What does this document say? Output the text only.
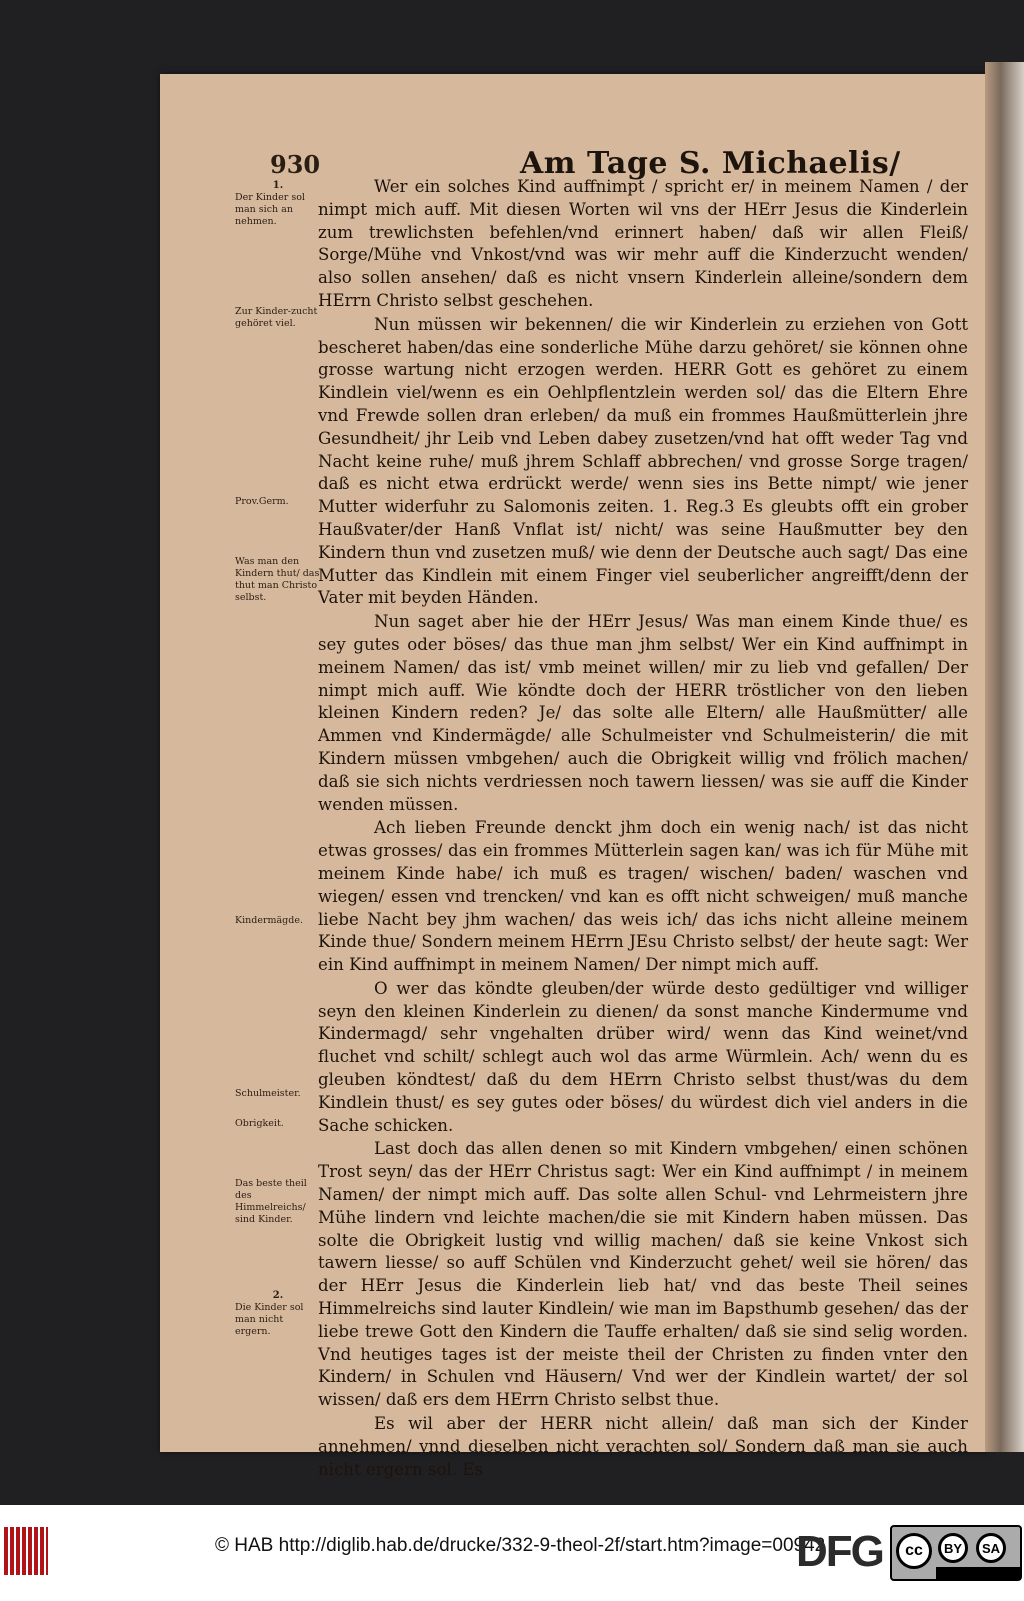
930	Am Tage S. Michaelis/
1.
Der Kinder sol man sich an nehmen.
Zur Kinder-zucht gehöret viel.
Prov.Germ.
Was man den Kindern thut/ das thut man Christo selbst.
Kindermägde.
Schulmeister.
Obrigkeit.
Das beste theil des Himmelreichs/ sind Kinder.
2.
Die Kinder sol man nicht ergern.

Wer ein solches Kind auffnimpt / spricht er/ in meinem Namen / der nimpt mich auff. Mit diesen Worten wil vns der HErr Jesus die Kinderlein zum trewlichsten befehlen/vnd erinnert haben/ daß wir allen Fleiß/ Sorge/Mühe vnd Vnkost/vnd was wir mehr auff die Kinderzucht wenden/ also sollen ansehen/ daß es nicht vnsern Kinderlein alleine/sondern dem HErrn Christo selbst geschehen.

Nun müssen wir bekennen/ die wir Kinderlein zu erziehen von Gott bescheret haben/das eine sonderliche Mühe darzu gehöret/ sie können ohne grosse wartung nicht erzogen werden. HERR Gott es gehöret zu einem Kindlein viel/wenn es ein Oehlpflentzlein werden sol/ das die Eltern Ehre vnd Frewde sollen dran erleben/ da muß ein frommes Haußmütterlein jhre Gesundheit/ jhr Leib vnd Leben dabey zusetzen/vnd hat offt weder Tag vnd Nacht keine ruhe/ muß jhrem Schlaff abbrechen/ vnd grosse Sorge tragen/ daß es nicht etwa erdrückt werde/ wenn sies ins Bette nimpt/ wie jener Mutter widerfuhr zu Salomonis zeiten. 1. Reg.3 Es gleubts offt ein grober Haußvater/der Hanß Vnflat ist/ nicht/ was seine Haußmutter bey den Kindern thun vnd zusetzen muß/ wie denn der Deutsche auch sagt/ Das eine Mutter das Kindlein mit einem Finger viel seuberlicher angreifft/denn der Vater mit beyden Händen.

Nun saget aber hie der HErr Jesus/ Was man einem Kinde thue/ es sey gutes oder böses/ das thue man jhm selbst/ Wer ein Kind auffnimpt in meinem Namen/ das ist/ vmb meinet willen/ mir zu lieb vnd gefallen/ Der nimpt mich auff. Wie köndte doch der HERR tröstlicher von den lieben kleinen Kindern reden? Je/ das solte alle Eltern/ alle Haußmütter/ alle Ammen vnd Kindermägde/ alle Schulmeister vnd Schulmeisterin/ die mit Kindern müssen vmbgehen/ auch die Obrigkeit willig vnd frölich machen/ daß sie sich nichts verdriessen noch tawern liessen/ was sie auff die Kinder wenden müssen.

Ach lieben Freunde denckt jhm doch ein wenig nach/ ist das nicht etwas grosses/ das ein frommes Mütterlein sagen kan/ was ich für Mühe mit meinem Kinde habe/ ich muß es tragen/ wischen/ baden/ waschen vnd wiegen/ essen vnd trencken/ vnd kan es offt nicht schweigen/ muß manche liebe Nacht bey jhm wachen/ das weis ich/ das ichs nicht alleine meinem Kinde thue/ Sondern meinem HErrn JEsu Christo selbst/ der heute sagt: Wer ein Kind auffnimpt in meinem Namen/ Der nimpt mich auff.

O wer das köndte gleuben/der würde desto gedültiger vnd williger seyn den kleinen Kinderlein zu dienen/ da sonst manche Kindermume vnd Kindermagd/ sehr vngehalten drüber wird/ wenn das Kind weinet/vnd fluchet vnd schilt/ schlegt auch wol das arme Würmlein. Ach/ wenn du es gleuben köndtest/ daß du dem HErrn Christo selbst thust/was du dem Kindlein thust/ es sey gutes oder böses/ du würdest dich viel anders in die Sache schicken.

Last doch das allen denen so mit Kindern vmbgehen/ einen schönen Trost seyn/ das der HErr Christus sagt: Wer ein Kind auffnimpt / in meinem Namen/ der nimpt mich auff. Das solte allen Schul- vnd Lehrmeistern jhre Mühe lindern vnd leichte machen/die sie mit Kindern haben müssen. Das solte die Obrigkeit lustig vnd willig machen/ daß sie keine Vnkost sich tawern liesse/ so auff Schülen vnd Kinderzucht gehet/ weil sie hören/ das der HErr Jesus die Kinderlein lieb hat/ vnd das beste Theil seines Himmelreichs sind lauter Kindlein/ wie man im Bapsthumb gesehen/ das der liebe trewe Gott den Kindern die Tauffe erhalten/ daß sie sind selig worden. Vnd heutiges tages ist der meiste theil der Christen zu finden vnter den Kindern/ in Schulen vnd Häusern/ Vnd wer der Kindlein wartet/ der sol wissen/ daß ers dem HErrn Christo selbst thue.

Es wil aber der HERR nicht allein/ daß man sich der Kinder annehmen/ vnnd dieselben nicht verachten sol/ Sondern daß man sie auch nicht ergern sol. Es

© HAB http://diglib.hab.de/drucke/332-9-theol-2f/start.htm?image=00942
DFG	cc	BY	SA
